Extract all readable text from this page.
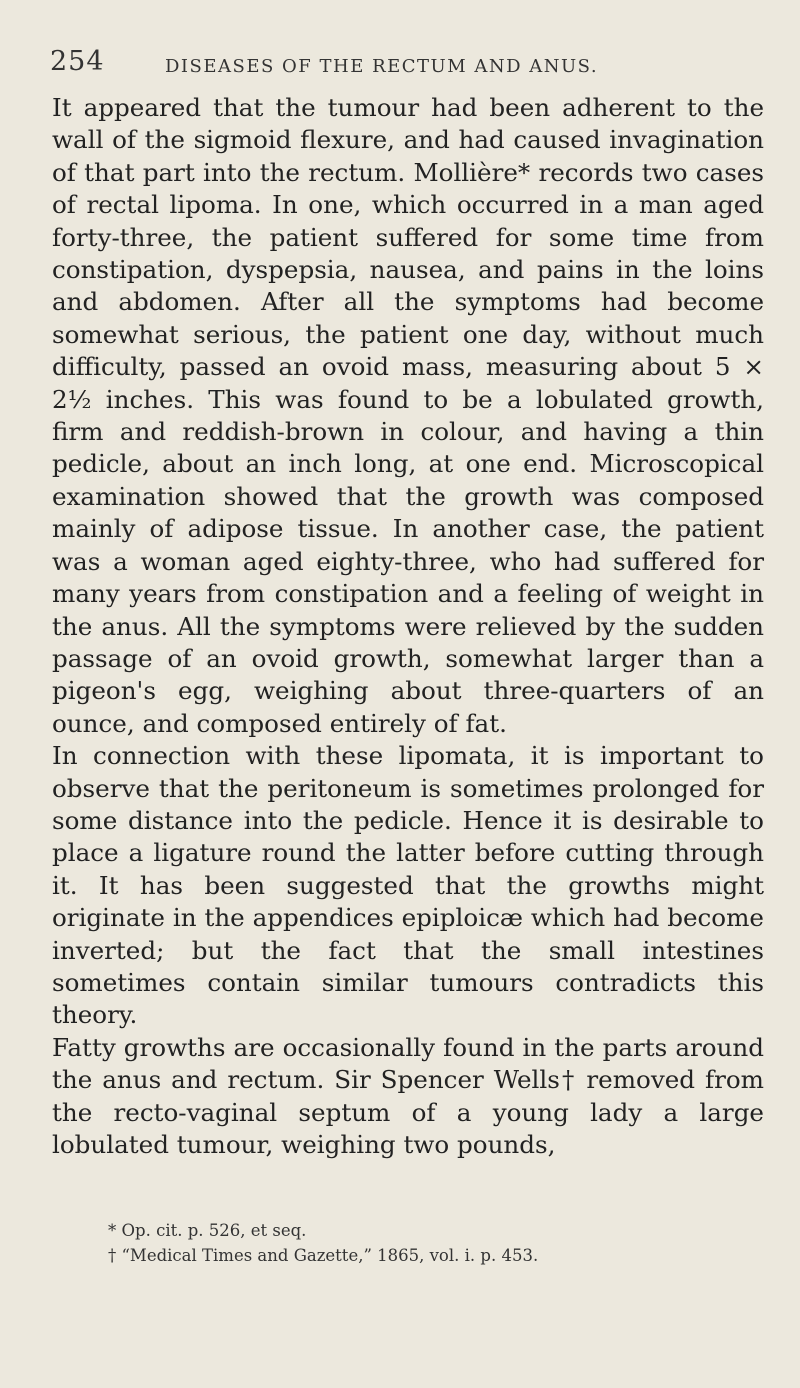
254	DISEASES OF THE RECTUM AND ANUS.

It appeared that the tumour had been adherent to the wall of the sigmoid flexure, and had caused invagination of that part into the rectum. Mollière* records two cases of rectal lipoma. In one, which occurred in a man aged forty-three, the patient suffered for some time from constipation, dyspepsia, nausea, and pains in the loins and abdomen. After all the symptoms had become somewhat serious, the patient one day, without much difficulty, passed an ovoid mass, measuring about 5 × 2½ inches. This was found to be a lobulated growth, firm and reddish-brown in colour, and having a thin pedicle, about an inch long, at one end. Microscopical examination showed that the growth was composed mainly of adipose tissue. In another case, the patient was a woman aged eighty-three, who had suffered for many years from constipation and a feeling of weight in the anus. All the symptoms were relieved by the sudden passage of an ovoid growth, somewhat larger than a pigeon's egg, weighing about three-quarters of an ounce, and composed entirely of fat.

In connection with these lipomata, it is important to observe that the peritoneum is sometimes prolonged for some distance into the pedicle. Hence it is desirable to place a ligature round the latter before cutting through it. It has been suggested that the growths might originate in the appendices epiploicæ which had become inverted; but the fact that the small intestines sometimes contain similar tumours contradicts this theory.

Fatty growths are occasionally found in the parts around the anus and rectum. Sir Spencer Wells† removed from the recto-vaginal septum of a young lady a large lobulated tumour, weighing two pounds,

* Op. cit. p. 526, et seq.
† “Medical Times and Gazette,” 1865, vol. i. p. 453.
